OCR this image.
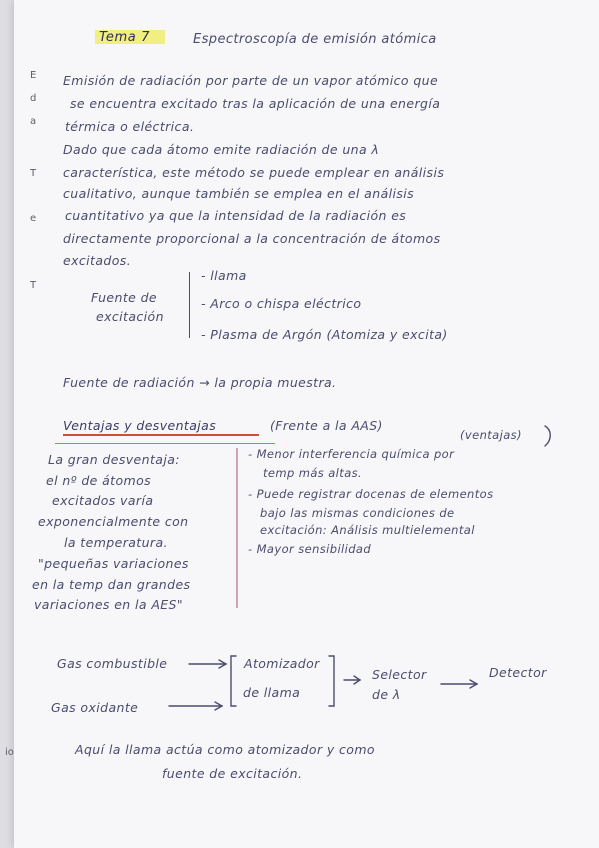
E
d
a
T
e
T
io
Tema 7	Espectroscopía de emisión atómica
Emisión de radiación por parte de un vapor atómico que
se encuentra excitado tras la aplicación de una energía
térmica o eléctrica.
Dado que cada átomo emite radiación de una λ
característica, este método se puede emplear en análisis
cualitativo, aunque también se emplea en el análisis
cuantitativo ya que la intensidad de la radiación es
directamente proporcional a la concentración de átomos
excitados.
Fuente de
excitación
- llama
- Arco o chispa eléctrico
- Plasma de Argón (Atomiza y excita)
Fuente de radiación → la propia muestra.
Ventajas y desventajas	(Frente a la AAS)
(ventajas)
La gran desventaja:
el nº de átomos
excitados varía
exponencialmente con
la temperatura.
"pequeñas variaciones
en la temp dan grandes
variaciones en la AES"
- Menor interferencia química por
temp más altas.
- Puede registrar docenas de elementos
bajo las mismas condiciones de
excitación: Análisis multielemental
- Mayor sensibilidad
Gas combustible
Gas oxidante
Atomizador
de llama
Selector
de λ
Detector
Aquí la llama actúa como atomizador y como
fuente de excitación.
